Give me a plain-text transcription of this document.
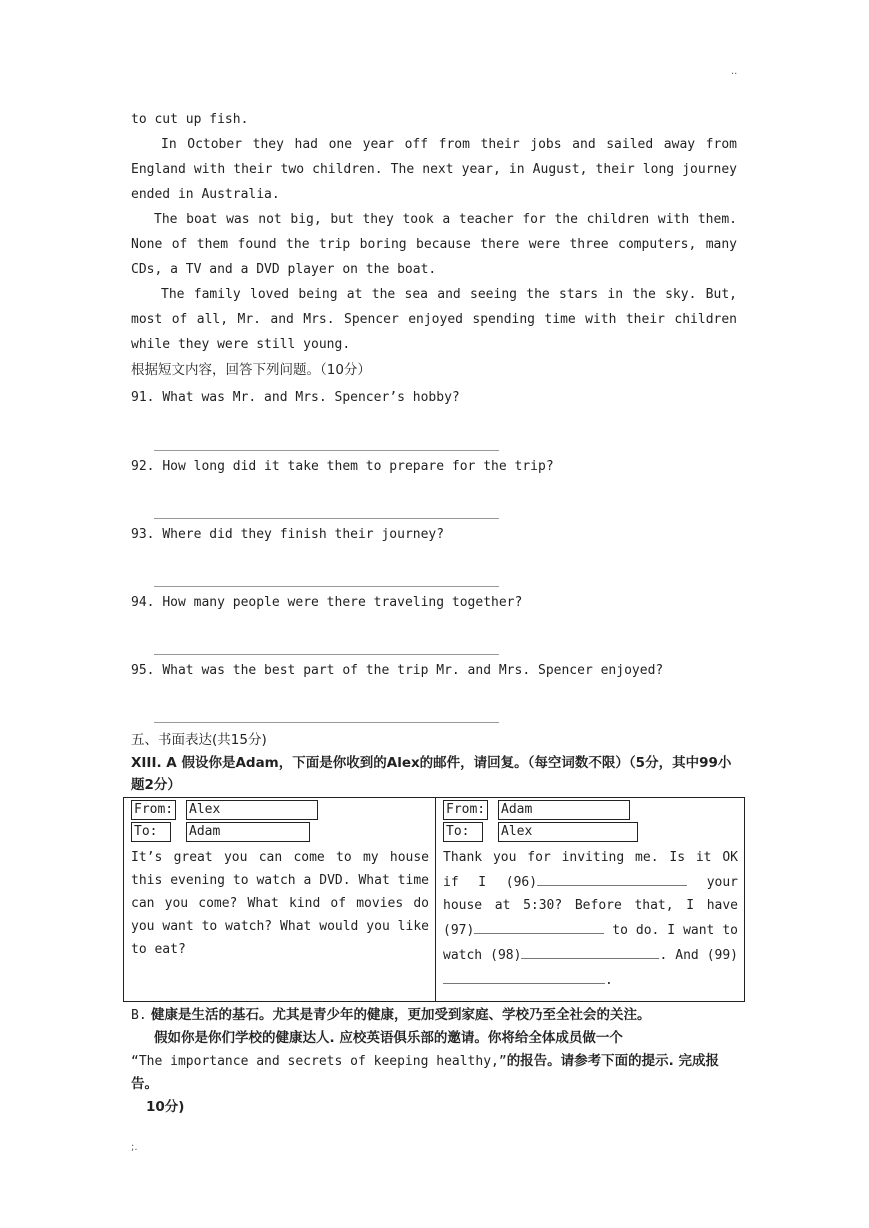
..

to cut up fish.

In October they had one year off from their jobs and sailed away from England with their two children. The next year, in August, their long journey ended in Australia.

The boat was not big, but they took a teacher for the children with them. None of them found the trip boring because there were three computers, many CDs, a TV and a DVD player on the boat.

The family loved being at the sea and seeing the stars in the sky. But, most of all, Mr. and Mrs. Spencer enjoyed spending time with their children while they were still young.

根据短文内容，回答下列问题。（10分）
91. What was Mr. and Mrs. Spencer’s hobby?
92. How long did it take them to prepare for the trip?
93. Where did they finish their journey?
94. How many people were there traveling together?
95. What was the best part of the trip Mr. and Mrs. Spencer enjoyed?
五、书面表达(共15分)
XIII. A 假设你是Adam，下面是你收到的Alex的邮件，请回复。（每空词数不限）（5分，其中99小题2分）
From: Alex
To:	Adam
It’s great you can come to my house this evening to watch a DVD. What time can you come? What kind of movies do you want to watch? What would you like to eat?

From: Adam
To:	Alex
Thank you for inviting me. Is it OK if I (96)	your house at 5:30? Before that, I have (97)	to do. I want to watch (98)	. And (99).
B. 健康是生活的基石。尤其是青少年的健康，更加受到家庭、学校乃至全社会的关注。
假如你是你们学校的健康达人. 应校英语俱乐部的邀请。你将给全体成员做一个
“The importance and secrets of keeping healthy,”的报告。请参考下面的提示. 完成报告。
10分)
;.
